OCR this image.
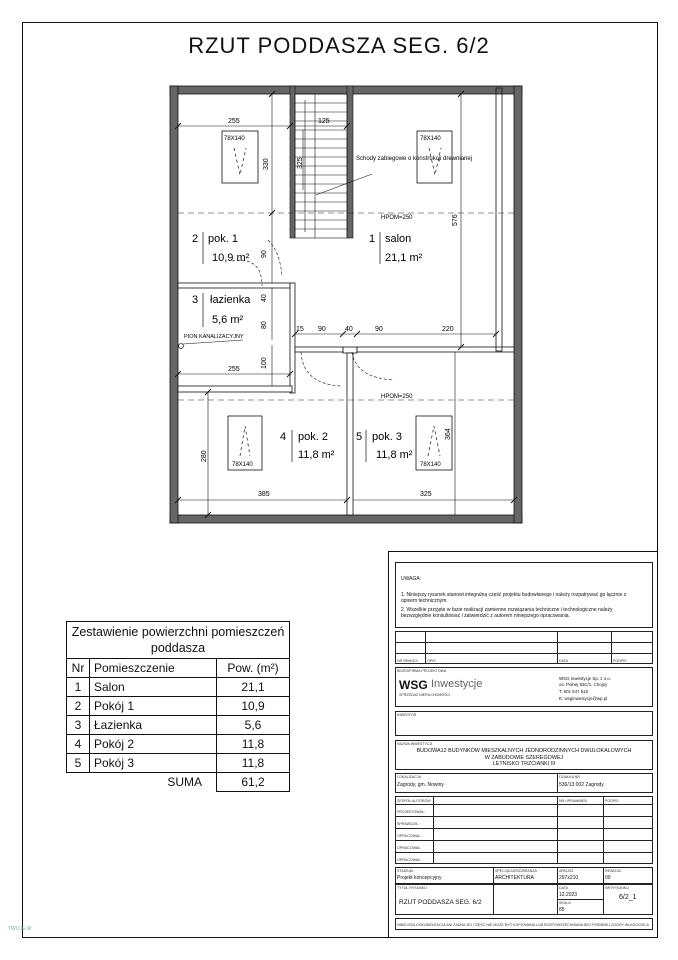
RZUT PODDASZA SEG. 6/2
1 salon
21,1 m²
2 pok. 1
10,9 m²
3 łazienka
5,6 m²
4 pok. 2
11,8 m²
5 pok. 3
11,8 m²
78X140	78X140
78X140	78X140
Schody zabiegowe o konstrukcji drewnianej
HPOM=250
HPOM=250
PION KANALIZACYJNY
255	125
330	325
576
90
40
80
100
255
15 90	40	90	220
280
364
385	325
Zestawienie powierzchni pomieszczeń poddasza		
Nr	Pomieszczenie	Pow. (m²)
1	Salon	21,1
2	Pokój 1	10,9
3	Łazienka	5,6
4	Pokój 2	11,8
5	Pokój 3	11,8
SUMA		61,2
UWAGA:
1. Niniejszy rysunek stanowi integralną część projektu budowlanego i należy rozpatrywać go łącznie z opisem technicznym.
2. Wszelkie przyjęte w fazie realizacji zamienne rozwiązania techniczne i technologiczne należy bezwzględnie konsultować i zatwierdzić z autorem niniejszego opracowania.
NR REWIZJI	OPIS	DATA	PODPIS
BIURO/FIRMA PROJEKTOWA
WSG Inwestycje
SPRZEDAŻ NIERUCHOMOŚCI
WSG Inwestycje Sp. z o.o.
os. Polnej 93C/1, Chojny
T: 601 547 515
E: wsginwestycje@wp.pl
INWESTOR
NAZWA INWESTYCJI
BUDOWA12 BUDYNKÓW MIESZKALNYCH JEDNORODZINNYCH DWULOKALOWYCH
W ZABUDOWIE SZEREGOWEJ
LETNISKO TRZCIANKI III
LOKALIZACJA
Zagrody, gm. Nowiny
DZIAŁKA NR
536/13 002 Zagrody
ZESPÓŁ AUTORÓW	NR UPRAWNIEŃ	PODPIS
PROJEKTOWAŁ:
SPRAWDZIŁ:
OPRACOWAŁ:
OPRACOWAŁ:
OPRACOWAŁ:
STADIUM
Projekt koncepcyjny
SPECJALNOŚĆ/BRANŻA
ARCHITEKTURA
ARKUSZ
297x210
REWIZJA
00
TYTUŁ RYSUNKU
RZUT PODDASZA SEG. 6/2
DATA
12.2023
SKALA
85
NR RYSUNKU
6/2_1
NINIEJSZA DOKUMENTACJA ANI ŻADNA JEJ CZĘŚĆ NIE MOŻE BYĆ KOPIOWANA LUB ROZPOWSZECHNIANA BEZ PISEMNEJ ZGODY WŁAŚCICIELA
TWOJE M
